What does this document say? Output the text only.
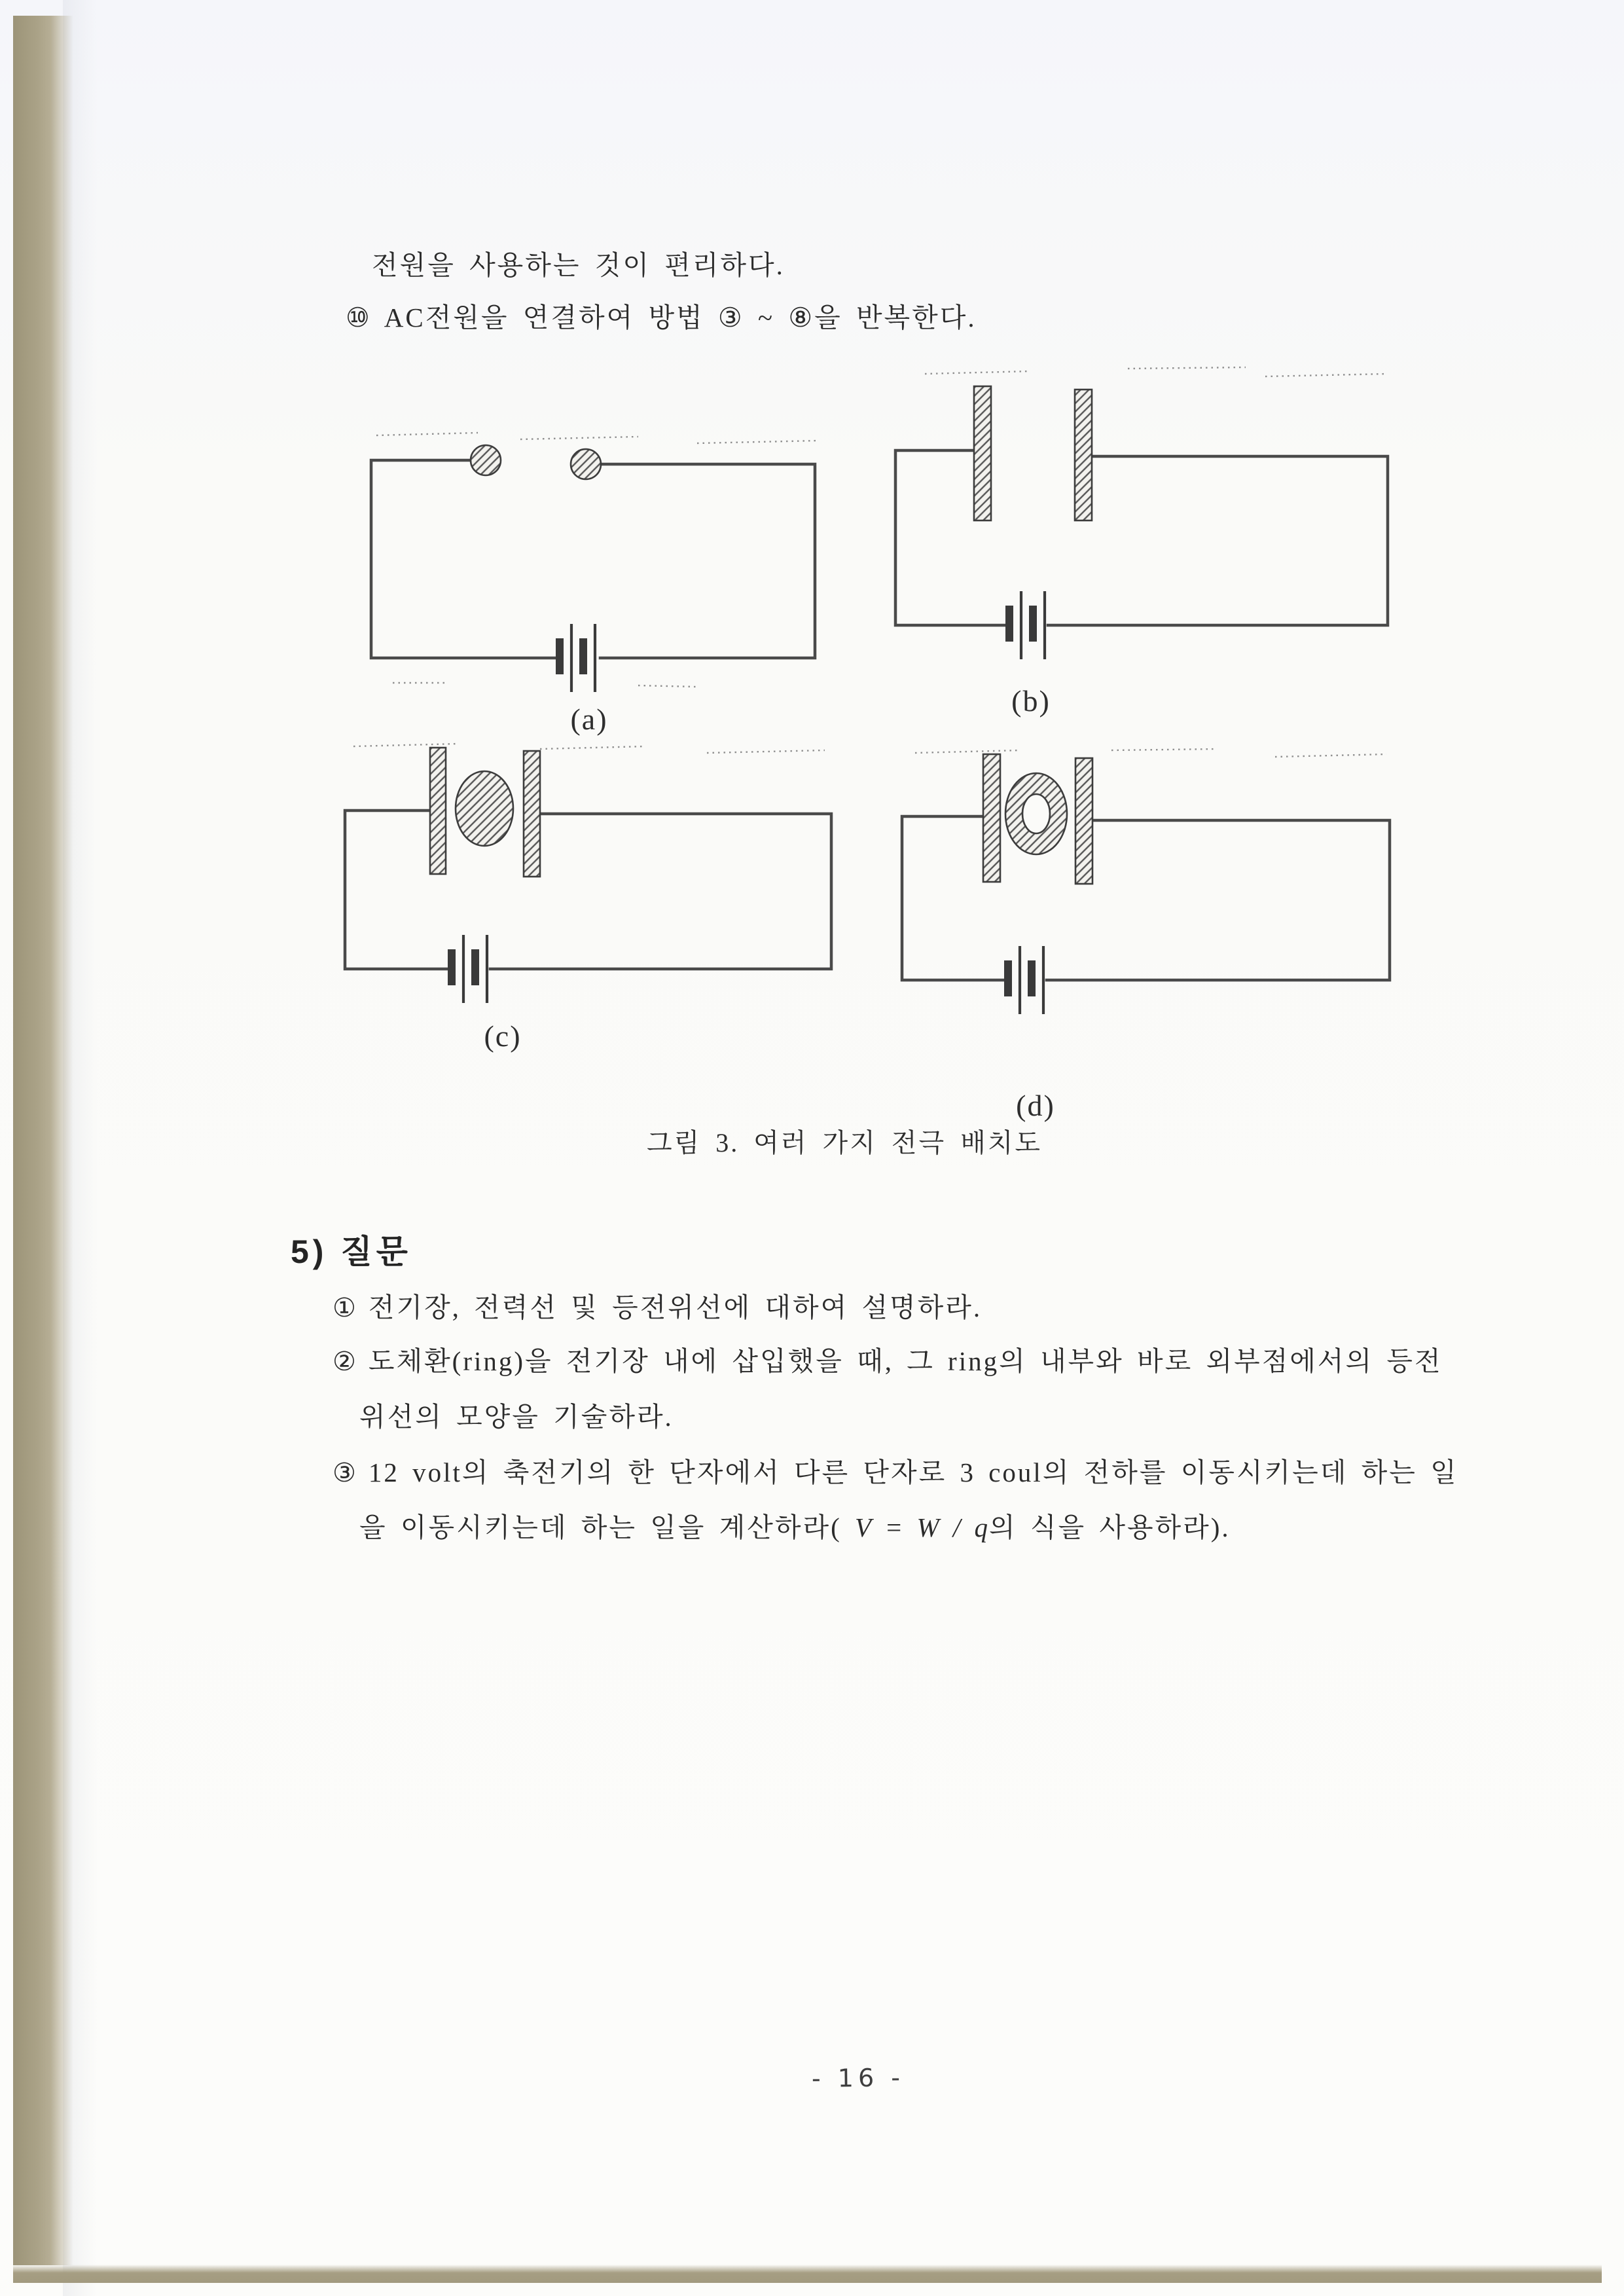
전원을 사용하는 것이 편리하다.

⑩ AC전원을 연결하여 방법 ③ ~ ⑧을 반복한다.

(a)
(b)
(c)
(d)
그림 3. 여러 가지 전극 배치도
5) 질문
① 전기장, 전력선 및 등전위선에 대하여 설명하라.
② 도체환(ring)을 전기장 내에 삽입했을 때, 그 ring의 내부와 바로 외부점에서의 등전
위선의 모양을 기술하라.
③ 12 volt의 축전기의 한 단자에서 다른 단자로 3 coul의 전하를 이동시키는데 하는 일
을 이동시키는데 하는 일을 계산하라( V = W / q의 식을 사용하라).
- 16 -
